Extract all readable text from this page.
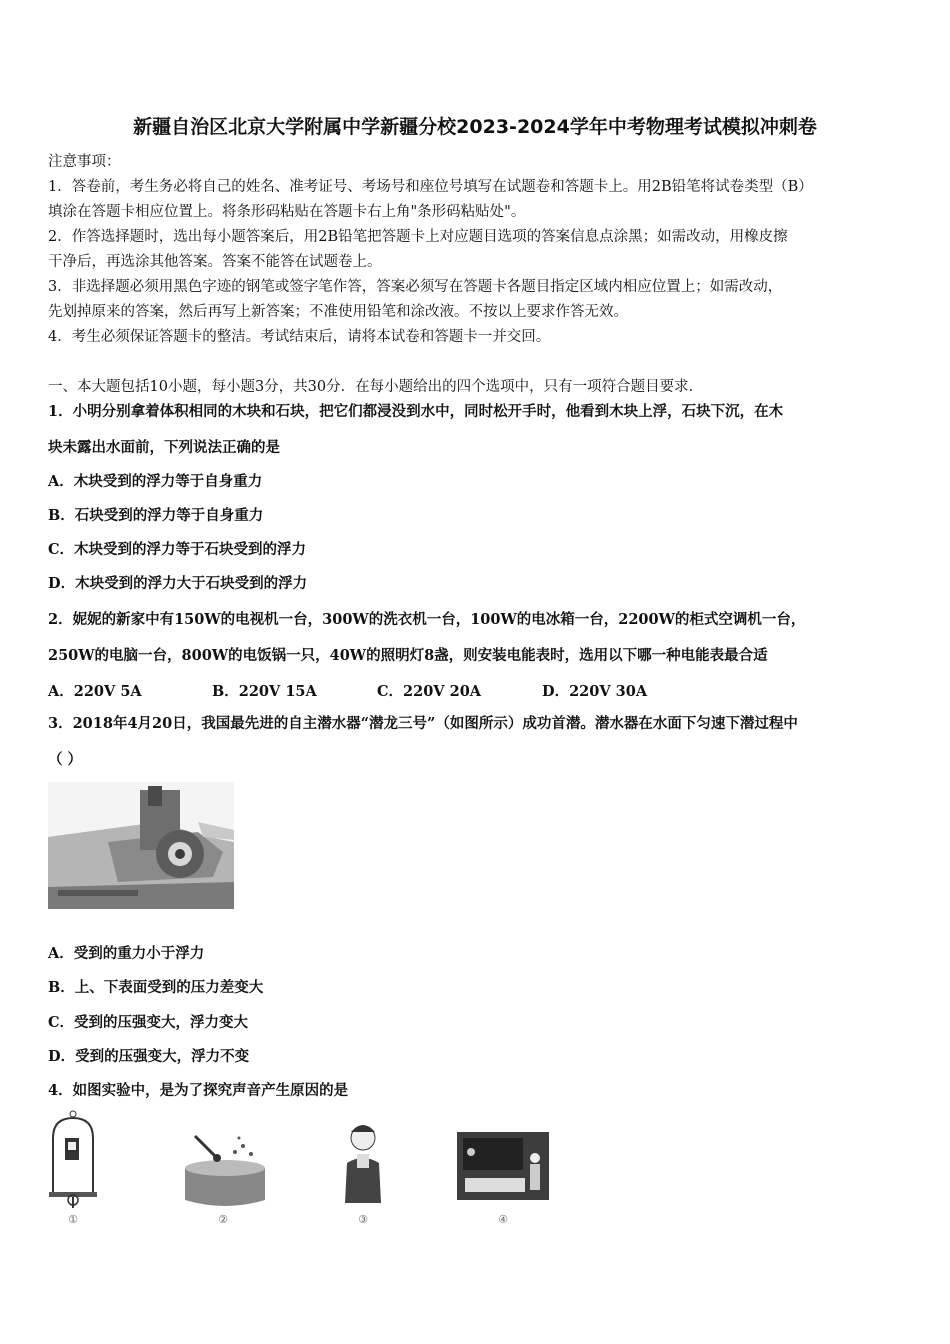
新疆自治区北京大学附属中学新疆分校2023-2024学年中考物理考试模拟冲刺卷
注意事项：
1．答卷前，考生务必将自己的姓名、准考证号、考场号和座位号填写在试题卷和答题卡上。用2B铅笔将试卷类型（B）
填涂在答题卡相应位置上。将条形码粘贴在答题卡右上角"条形码粘贴处"。
2．作答选择题时，选出每小题答案后，用2B铅笔把答题卡上对应题目选项的答案信息点涂黑；如需改动，用橡皮擦
干净后，再选涂其他答案。答案不能答在试题卷上。
3．非选择题必须用黑色字迹的钢笔或签字笔作答，答案必须写在答题卡各题目指定区域内相应位置上；如需改动，
先划掉原来的答案，然后再写上新答案；不准使用铅笔和涂改液。不按以上要求作答无效。
4．考生必须保证答题卡的整洁。考试结束后，请将本试卷和答题卡一并交回。
一、本大题包括10小题，每小题3分，共30分．在每小题给出的四个选项中，只有一项符合题目要求．
1．小明分别拿着体积相同的木块和石块，把它们都浸没到水中，同时松开手时，他看到木块上浮，石块下沉，在木
块未露出水面前，下列说法正确的是
A．木块受到的浮力等于自身重力
B．石块受到的浮力等于自身重力
C．木块受到的浮力等于石块受到的浮力
D．木块受到的浮力大于石块受到的浮力
2．妮妮的新家中有150W的电视机一台，300W的洗衣机一台，100W的电冰箱一台，2200W的柜式空调机一台，
250W的电脑一台，800W的电饭锅一只，40W的照明灯8盏，则安装电能表时，选用以下哪一种电能表最合适
A．220V 5A	B．220V 15A	C．220V 20A	D．220V 30A
3．2018年4月20日，我国最先进的自主潜水器“潜龙三号”（如图所示）成功首潜。潜水器在水面下匀速下潜过程中
（ ）
A．受到的重力小于浮力
B．上、下表面受到的压力差变大
C．受到的压强变大，浮力变大
D．受到的压强变大，浮力不变
4．如图实验中，是为了探究声音产生原因的是
①	②	③	④
